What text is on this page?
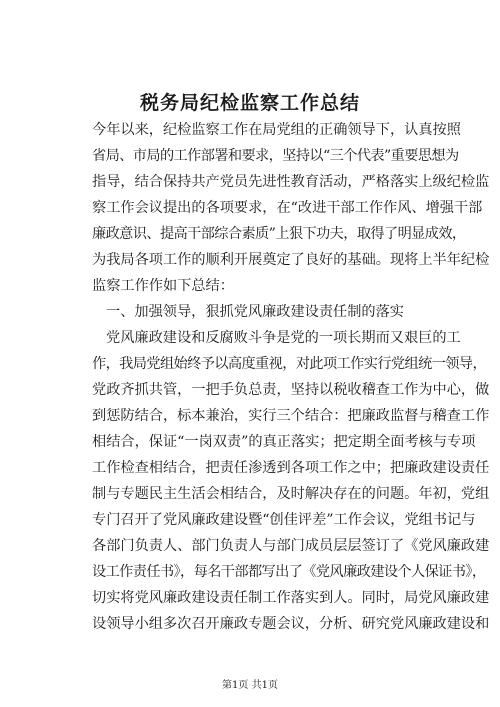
税务局纪检监察工作总结
今年以来，纪检监察工作在局党组的正确领导下，认真按照
省局、市局的工作部署和要求，坚持以“三个代表”重要思想为
指导，结合保持共产党员先进性教育活动，严格落实上级纪检监
察工作会议提出的各项要求，在“改进干部工作作风、增强干部
廉政意识、提高干部综合素质”上狠下功夫，取得了明显成效，
为我局各项工作的顺利开展奠定了良好的基础。现将上半年纪检
监察工作作如下总结：
一、加强领导，狠抓党风廉政建设责任制的落实
党风廉政建设和反腐败斗争是党的一项长期而又艰巨的工
作，我局党组始终予以高度重视，对此项工作实行党组统一领导，
党政齐抓共管，一把手负总责，坚持以税收稽查工作为中心，做
到惩防结合，标本兼治，实行三个结合：把廉政监督与稽查工作
相结合，保证“一岗双责”的真正落实；把定期全面考核与专项
工作检查相结合，把责任渗透到各项工作之中；把廉政建设责任
制与专题民主生活会相结合，及时解决存在的问题。年初，党组
专门召开了党风廉政建设暨“创佳评差”工作会议，党组书记与
各部门负责人、部门负责人与部门成员层层签订了《党风廉政建
设工作责任书》，每名干部都写出了《党风廉政建设个人保证书》，
切实将党风廉政建设责任制工作落实到人。同时，局党风廉政建
设领导小组多次召开廉政专题会议，分析、研究党风廉政建设和
第1页 共1页
